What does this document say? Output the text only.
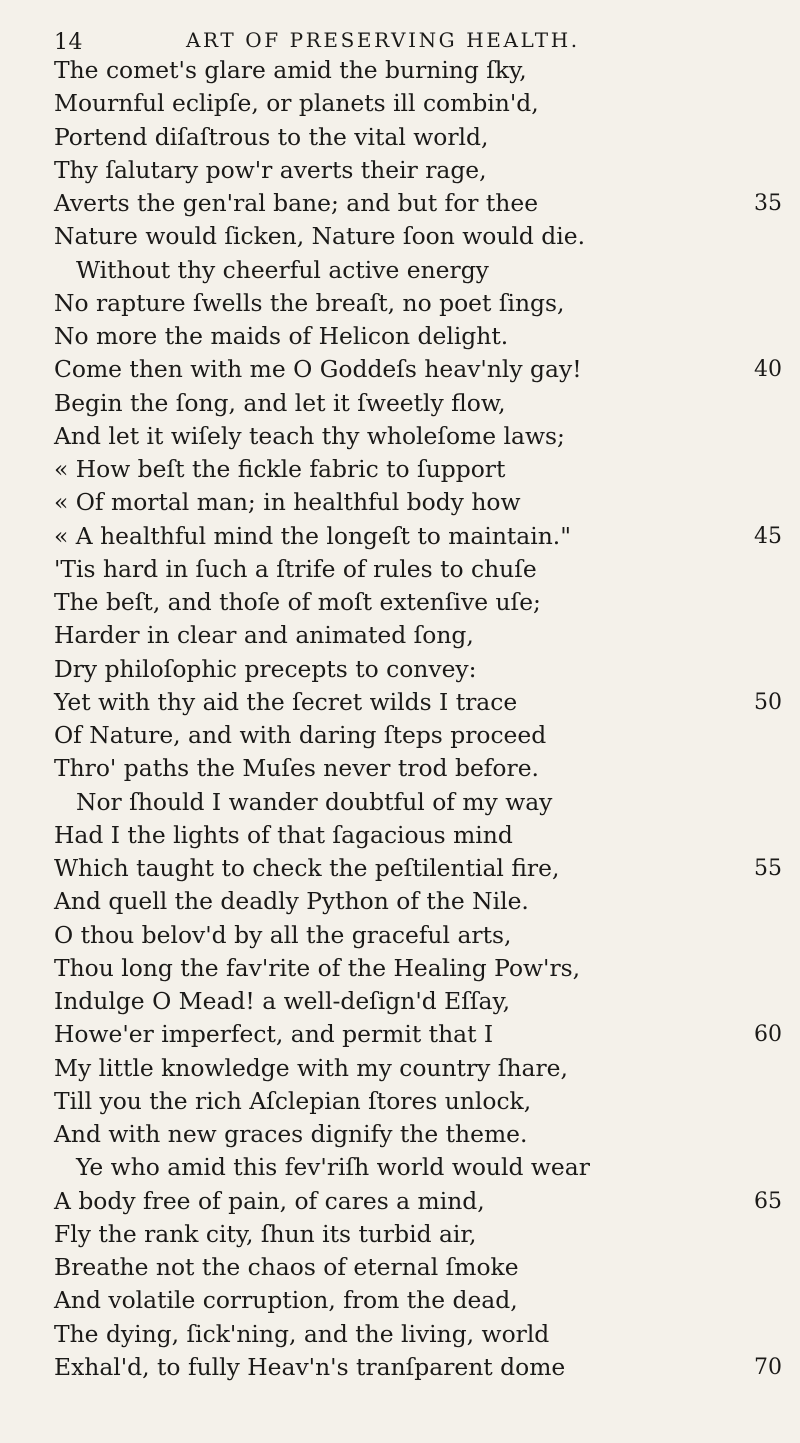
14	ART OF PRESERVING HEALTH.
The comet's glare amid the burning ſky,
Mournful eclipſe, or planets ill combin'd,
Portend diſaſtrous to the vital world,
Thy ſalutary pow'r averts their rage,
Averts the gen'ral bane; and but for thee
Nature would ſicken, Nature ſoon would die.
Without thy cheerful active energy
No rapture ſwells the breaſt, no poet ſings,
No more the maids of Helicon delight.
Come then with me O Goddeſs heav'nly gay!
Begin the ſong, and let it ſweetly flow,
And let it wiſely teach thy wholeſome laws;
« How beſt the fickle fabric to ſupport
« Of mortal man; in healthful body how
« A healthful mind the longeſt to maintain."
'Tis hard in ſuch a ſtrife of rules to chuſe
The beſt, and thoſe of moſt extenſive uſe;
Harder in clear and animated ſong,
Dry philoſophic precepts to convey:
Yet with thy aid the ſecret wilds I trace
Of Nature, and with daring ſteps proceed
Thro' paths the Muſes never trod before.
Nor ſhould I wander doubtful of my way
Had I the lights of that ſagacious mind
Which taught to check the peſtilential fire,
And quell the deadly Python of the Nile.
O thou belov'd by all the graceful arts,
Thou long the fav'rite of the Healing Pow'rs,
Indulge O Mead! a well-deſign'd Eſſay,
Howe'er imperfect, and permit that I
My little knowledge with my country ſhare,
Till you the rich Aſclepian ſtores unlock,
And with new graces dignify the theme.
Ye who amid this fev'riſh world would wear
A body free of pain, of cares a mind,
Fly the rank city, ſhun its turbid air,
Breathe not the chaos of eternal ſmoke
And volatile corruption, from the dead,
The dying, ſick'ning, and the living, world
Exhal'd, to fully Heav'n's tranſparent dome
35
40
45
50
55
60
65
70
